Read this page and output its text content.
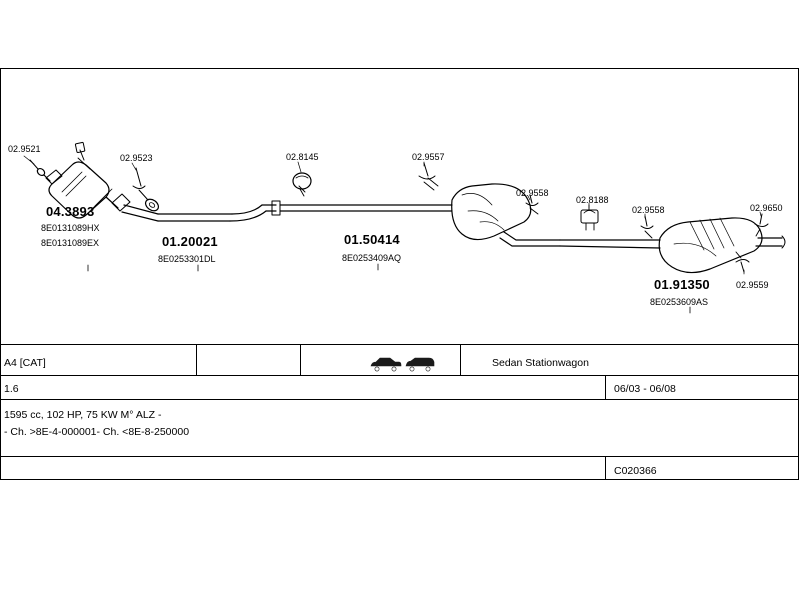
02.9521
02.9523	02.8145	02.9557
02.9558
02.8188
02.9558	02.9650
02.9559
04.3893
8E0131089HX
8E0131089EX	01.20021
8E0253301DL
01.50414
8E0253409AQ
01.91350
8E0253609AS
A4 [CAT]	Sedan Stationwagon
1.6	06/03 - 06/08
1595 cc, 102 HP, 75 KW M° ALZ -
- Ch. >8E-4-000001- Ch. <8E-8-250000
C020366
